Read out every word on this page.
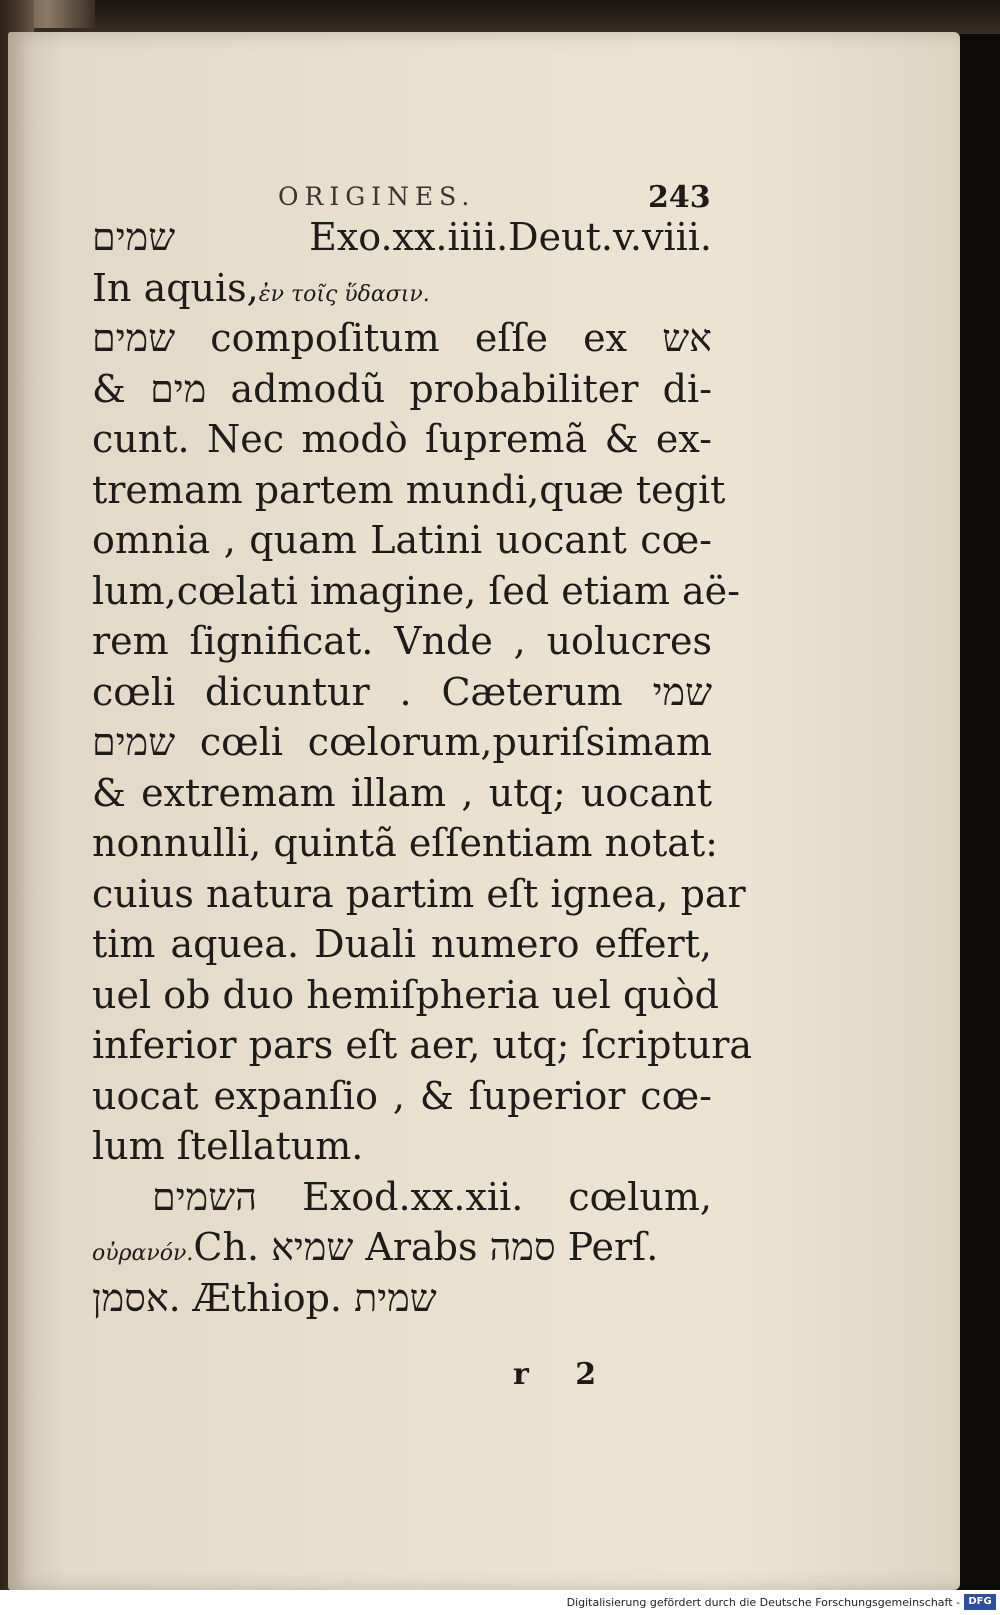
ORIGINES.	243
שמים Exo.xx.iiii.Deut.v.viii.
In aquis,ἐν τοῖς ὕδασιν.
שמים compoſitum eſſe ex אש
& מים admodũ probabiliter di-
cunt. Nec modò ſupremã & ex-
tremam partem mundi,quæ tegit
omnia , quam Latini uocant cœ-
lum,cœlati imagine, ſed etiam aë-
rem ſignificat. Vnde , uolucres
cœli dicuntur . Cæterum שמי
שמים cœli cœlorum,puriſsimam
& extremam illam , utq; uocant
nonnulli, quintã eſſentiam notat:
cuius natura partim eſt ignea, par
tim aquea. Duali numero effert,
uel ob duo hemiſpheria uel quòd
inferior pars eſt aer, utq; ſcriptura
uocat expanſio , & ſuperior cœ-
lum ſtellatum.
השמים Exod.xx.xii. cœlum,
οὐρανόν.Ch. שמיא Arabs סמה Perſ.
אסמן. Æthiop. שמית
r 2
Digitalisierung gefördert durch die Deutsche Forschungsgemeinschaft - DFG
